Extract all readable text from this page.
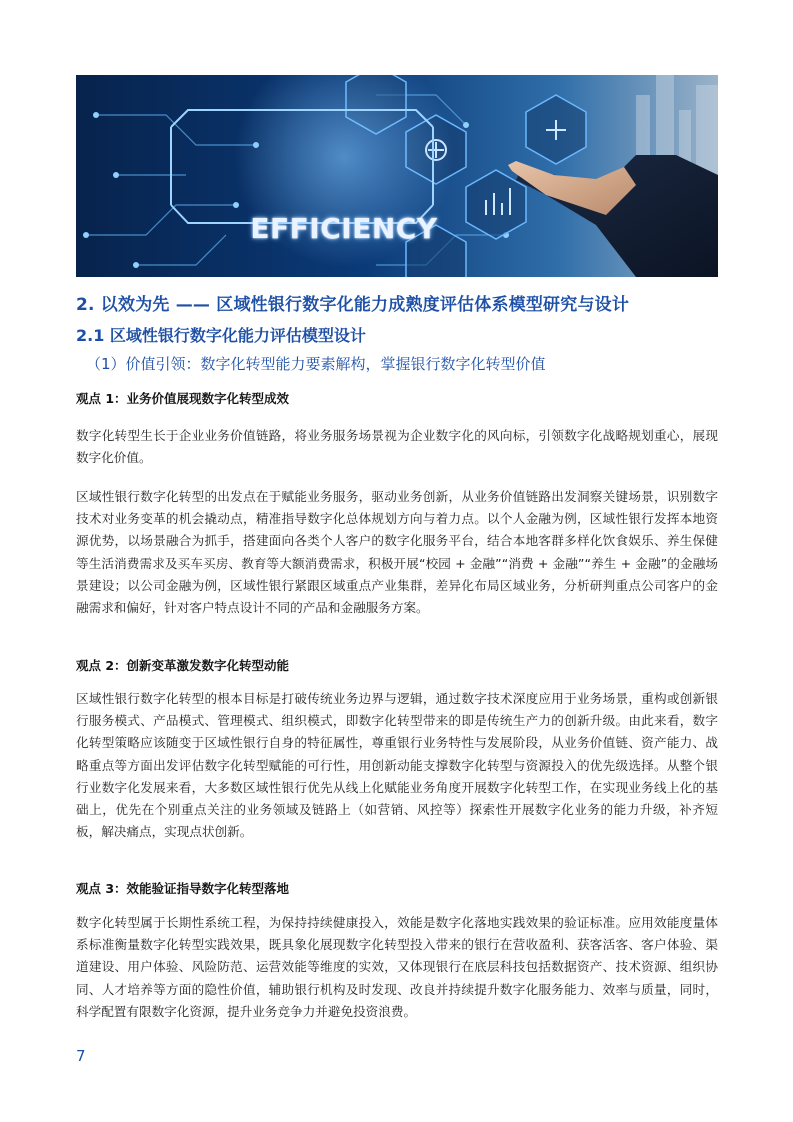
EFFICIENCY
2. 以效为先 —— 区域性银行数字化能力成熟度评估体系模型研究与设计
2.1 区域性银行数字化能力评估模型设计
（1）价值引领：数字化转型能力要素解构，掌握银行数字化转型价值
观点 1：业务价值展现数字化转型成效

数字化转型生长于企业业务价值链路，将业务服务场景视为企业数字化的风向标，引领数字化战略规划重心，展现数字化价值。

区域性银行数字化转型的出发点在于赋能业务服务，驱动业务创新，从业务价值链路出发洞察关键场景，识别数字技术对业务变革的机会撬动点，精准指导数字化总体规划方向与着力点。以个人金融为例，区域性银行发挥本地资源优势，以场景融合为抓手，搭建面向各类个人客户的数字化服务平台，结合本地客群多样化饮食娱乐、养生保健等生活消费需求及买车买房、教育等大额消费需求，积极开展“校园 + 金融”“消费 + 金融”“养生 + 金融”的金融场景建设；以公司金融为例，区域性银行紧跟区域重点产业集群，差异化布局区域业务，分析研判重点公司客户的金融需求和偏好，针对客户特点设计不同的产品和金融服务方案。

观点 2：创新变革激发数字化转型动能

区域性银行数字化转型的根本目标是打破传统业务边界与逻辑，通过数字技术深度应用于业务场景，重构或创新银行服务模式、产品模式、管理模式、组织模式，即数字化转型带来的即是传统生产力的创新升级。由此来看，数字化转型策略应该随变于区域性银行自身的特征属性，尊重银行业务特性与发展阶段，从业务价值链、资产能力、战略重点等方面出发评估数字化转型赋能的可行性，用创新动能支撑数字化转型与资源投入的优先级选择。从整个银行业数字化发展来看，大多数区域性银行优先从线上化赋能业务角度开展数字化转型工作，在实现业务线上化的基础上，优先在个别重点关注的业务领域及链路上（如营销、风控等）探索性开展数字化业务的能力升级，补齐短板，解决痛点，实现点状创新。

观点 3：效能验证指导数字化转型落地

数字化转型属于长期性系统工程，为保持持续健康投入，效能是数字化落地实践效果的验证标准。应用效能度量体系标准衡量数字化转型实践效果，既具象化展现数字化转型投入带来的银行在营收盈利、获客活客、客户体验、渠道建设、用户体验、风险防范、运营效能等维度的实效，又体现银行在底层科技包括数据资产、技术资源、组织协同、人才培养等方面的隐性价值，辅助银行机构及时发现、改良并持续提升数字化服务能力、效率与质量，同时，科学配置有限数字化资源，提升业务竞争力并避免投资浪费。

7
